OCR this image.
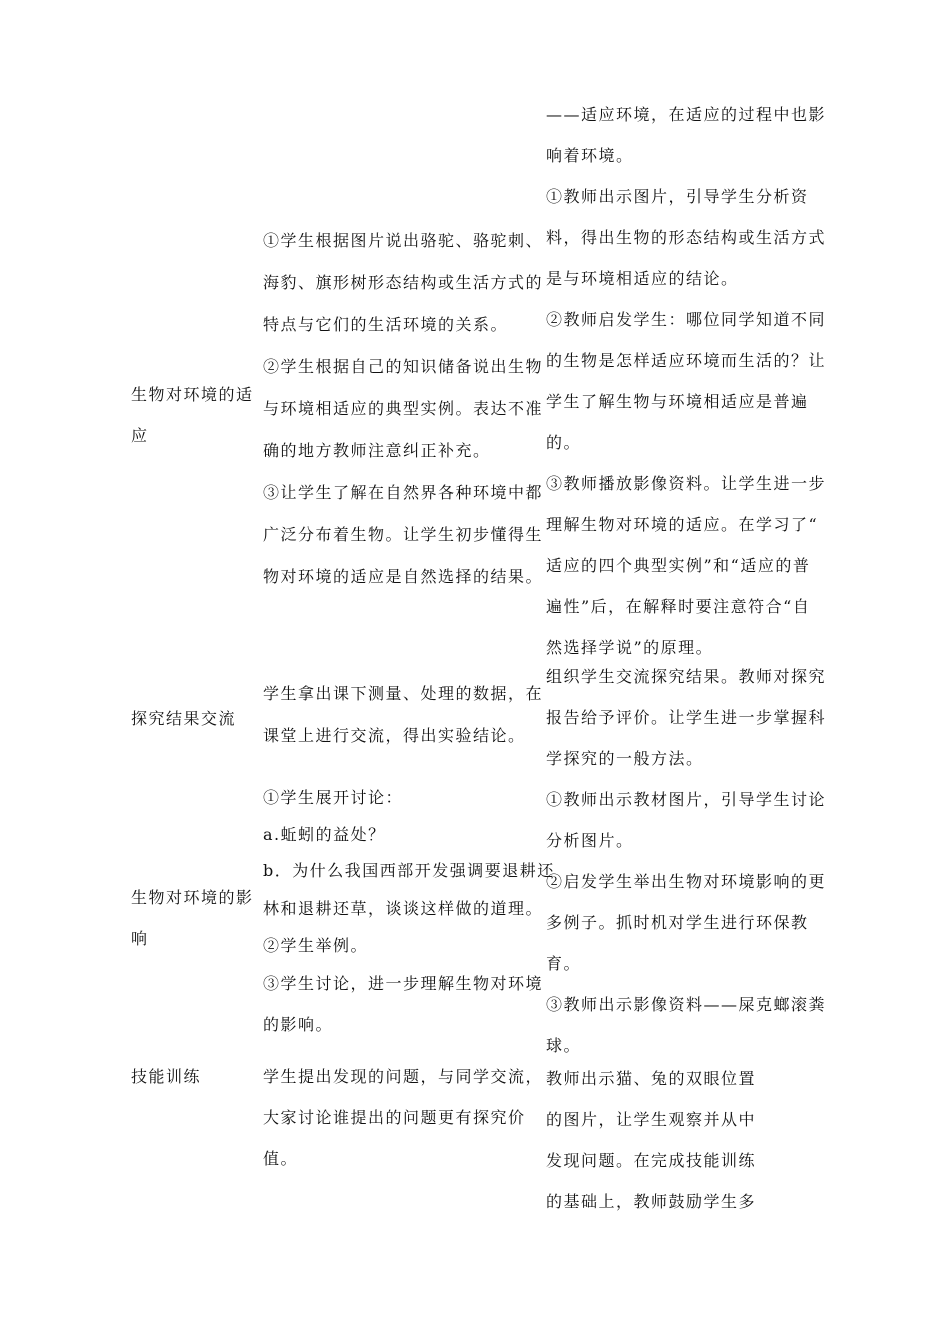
生物对环境的适

应

①学生根据图片说出骆驼、骆驼刺、

海豹、旗形树形态结构或生活方式的

特点与它们的生活环境的关系。

②学生根据自己的知识储备说出生物

与环境相适应的典型实例。表达不准

确的地方教师注意纠正补充。

③让学生了解在自然界各种环境中都

广泛分布着生物。让学生初步懂得生

物对环境的适应是自然选择的结果。

——适应环境，在适应的过程中也影

响着环境。

①教师出示图片，引导学生分析资

料，得出生物的形态结构或生活方式

是与环境相适应的结论。

②教师启发学生：哪位同学知道不同

的生物是怎样适应环境而生活的？让

学生了解生物与环境相适应是普遍

的。

③教师播放影像资料。让学生进一步

理解生物对环境的适应。在学习了“

适应的四个典型实例”和“适应的普

遍性”后，在解释时要注意符合“自

然选择学说”的原理。

探究结果交流

学生拿出课下测量、处理的数据，在

课堂上进行交流，得出实验结论。

组织学生交流探究结果。教师对探究

报告给予评价。让学生进一步掌握科

学探究的一般方法。

生物对环境的影

响

①学生展开讨论：

a.蚯蚓的益处？

b．为什么我国西部开发强调要退耕还

林和退耕还草，谈谈这样做的道理。

②学生举例。

③学生讨论，进一步理解生物对环境

的影响。

①教师出示教材图片，引导学生讨论

分析图片。

②启发学生举出生物对环境影响的更

多例子。抓时机对学生进行环保教

育。

③教师出示影像资料——屎克螂滚粪

球。

技能训练	学生提出发现的问题，与同学交流，

大家讨论谁提出的问题更有探究价

值。

教师出示猫、兔的双眼位置

的图片，让学生观察并从中

发现问题。在完成技能训练

的基础上，教师鼓励学生多
